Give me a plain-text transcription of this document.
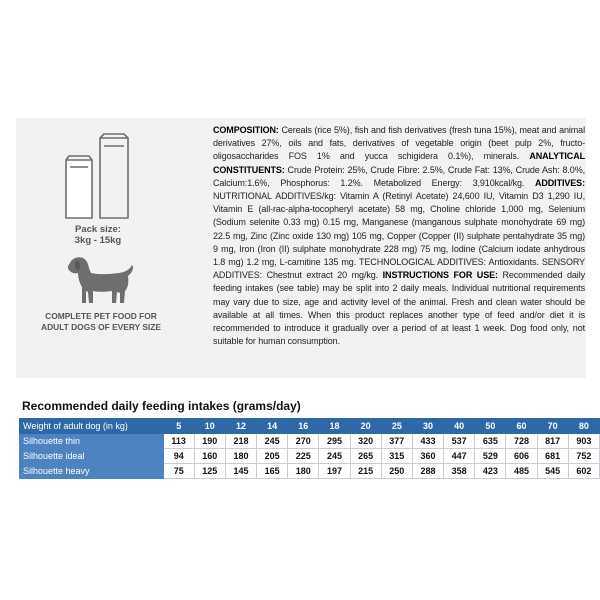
Pack size:
3kg - 15kg
COMPLETE PET FOOD FOR
ADULT DOGS OF EVERY SIZE
COMPOSITION: Cereals (rice 5%), fish and fish derivatives (fresh tuna 15%), meat and animal derivatives 27%, oils and fats, derivatives of vegetable origin (beet pulp 2%, fructo-oligosaccharides FOS 1% and yucca schigidera 0.1%), minerals. ANALYTICAL CONSTITUENTS: Crude Protein: 25%, Crude Fibre: 2.5%, Crude Fat: 13%, Crude Ash: 8.0%, Calcium:1.6%, Phosphorus: 1.2%. Metabolized Energy: 3,910kcal/kg. ADDITIVES: NUTRITIONAL ADDITIVES/kg: Vitamin A (Retinyl Acetate) 24,600 IU, Vitamin D3 1,290 IU, Vitamin E (all-rac-alpha-tocopheryl acetate) 58 mg, Choline chloride 1,000 mg, Selenium (Sodium selenite 0.33 mg) 0.15 mg, Manganese (manganous sulphate monohydrate 69 mg) 22.5 mg, Zinc (Zinc oxide 130 mg) 105 mg, Copper (Copper (II) sulphate pentahydrate 35 mg) 9 mg, Iron (Iron (II) sulphate monohydrate 228 mg) 75 mg, Iodine (Calcium iodate anhydrous 1.8 mg) 1.2 mg, L-carnitine 135 mg. TECHNOLOGICAL ADDITIVES: Antioxidants. SENSORY ADDITIVES: Chestnut extract 20 mg/kg. INSTRUCTIONS FOR USE: Recommended daily feeding intakes (see table) may be split into 2 daily meals. Individual nutritional requirements may vary due to size, age and activity level of the animal. Fresh and clean water should be available at all times. When this product replaces another type of feed and/or diet it is recommended to introduce it gradually over a period of at least 1 week. Dog food only, not suitable for human consumption.
Recommended daily feeding intakes (grams/day)
Weight of adult dog (in kg)	5	10	12	14	16	18	20	25	30	40	50	60	70	80
Silhouette thin	113	190	218	245	270	295	320	377	433	537	635	728	817	903
Silhouette ideal	94	160	180	205	225	245	265	315	360	447	529	606	681	752
Silhouette heavy	75	125	145	165	180	197	215	250	288	358	423	485	545	602
